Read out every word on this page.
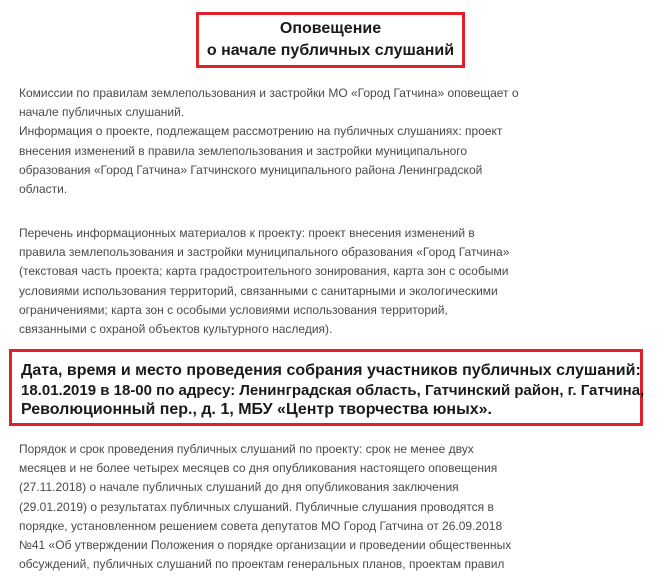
Оповещение
о начале публичных слушаний
Комиссии по правилам землепользования и застройки МО «Город Гатчина» оповещает о
начале публичных слушаний.
Информация о проекте, подлежащем рассмотрению на публичных слушаниях: проект
внесения изменений в правила землепользования и застройки муниципального
образования «Город Гатчина» Гатчинского муниципального района Ленинградской
области.
Перечень информационных материалов к проекту: проект внесения изменений в
правила землепользования и застройки муниципального образования «Город Гатчина»
(текстовая часть проекта; карта градостроительного зонирования, карта зон с особыми
условиями использования территорий, связанными с санитарными и экологическими
ограничениями; карта зон с особыми условиями использования территорий,
связанными с охраной объектов культурного наследия).
Дата, время и место проведения собрания участников публичных слушаний:
18.01.2019 в 18-00 по адресу: Ленинградская область, Гатчинский район, г. Гатчина,
Революционный пер., д. 1, МБУ «Центр творчества юных».
Порядок и срок проведения публичных слушаний по проекту: срок не менее двух
месяцев и не более четырех месяцев со дня опубликования настоящего оповещения
(27.11.2018) о начале публичных слушаний до дня опубликования заключения
(29.01.2019) о результатах публичных слушаний. Публичные слушания проводятся в
порядке, установленном решением совета депутатов МО Город Гатчина от 26.09.2018
№41 «Об утверждении Положения о порядке организации и проведении общественных
обсуждений, публичных слушаний по проектам генеральных планов, проектам правил
